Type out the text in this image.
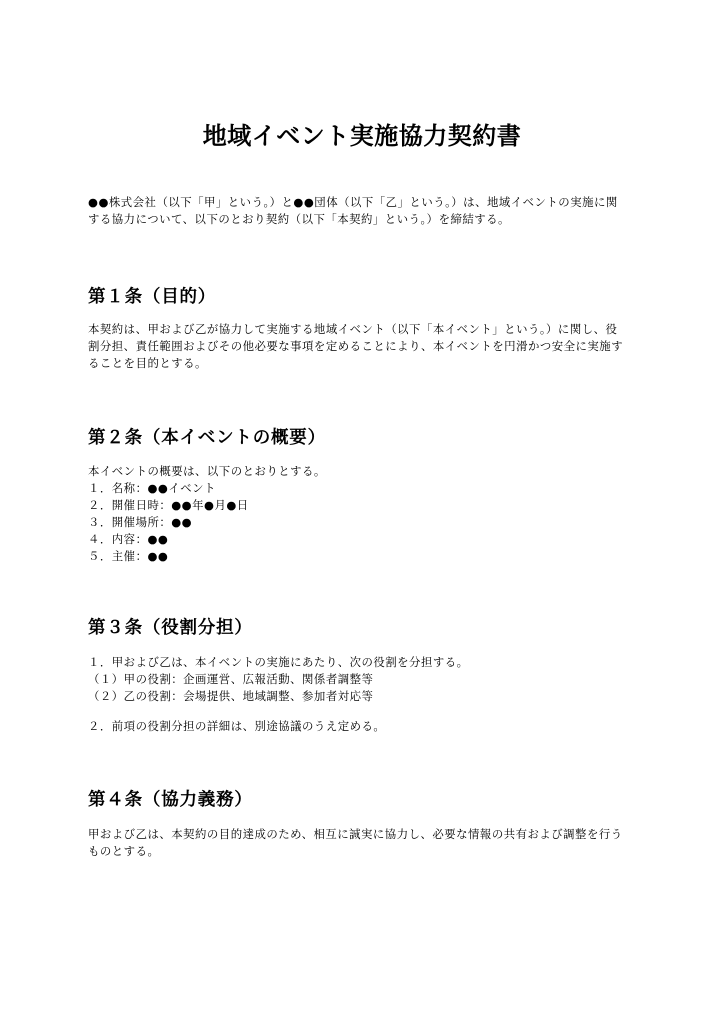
地域イベント実施協力契約書
●●株式会社（以下「甲」という。）と●●団体（以下「乙」という。）は、地域イベントの実施に関
する協力について、以下のとおり契約（以下「本契約」という。）を締結する。
第１条（目的）
本契約は、甲および乙が協力して実施する地域イベント（以下「本イベント」という。）に関し、役
割分担、責任範囲およびその他必要な事項を定めることにより、本イベントを円滑かつ安全に実施す
ることを目的とする。
第２条（本イベントの概要）
本イベントの概要は、以下のとおりとする。
１．名称：●●イベント
２．開催日時：●●年●月●日
３．開催場所：●●
４．内容：●●
５．主催：●●
第３条（役割分担）
１．甲および乙は、本イベントの実施にあたり、次の役割を分担する。
（１）甲の役割：企画運営、広報活動、関係者調整等
（２）乙の役割：会場提供、地域調整、参加者対応等
２．前項の役割分担の詳細は、別途協議のうえ定める。
第４条（協力義務）
甲および乙は、本契約の目的達成のため、相互に誠実に協力し、必要な情報の共有および調整を行う
ものとする。
